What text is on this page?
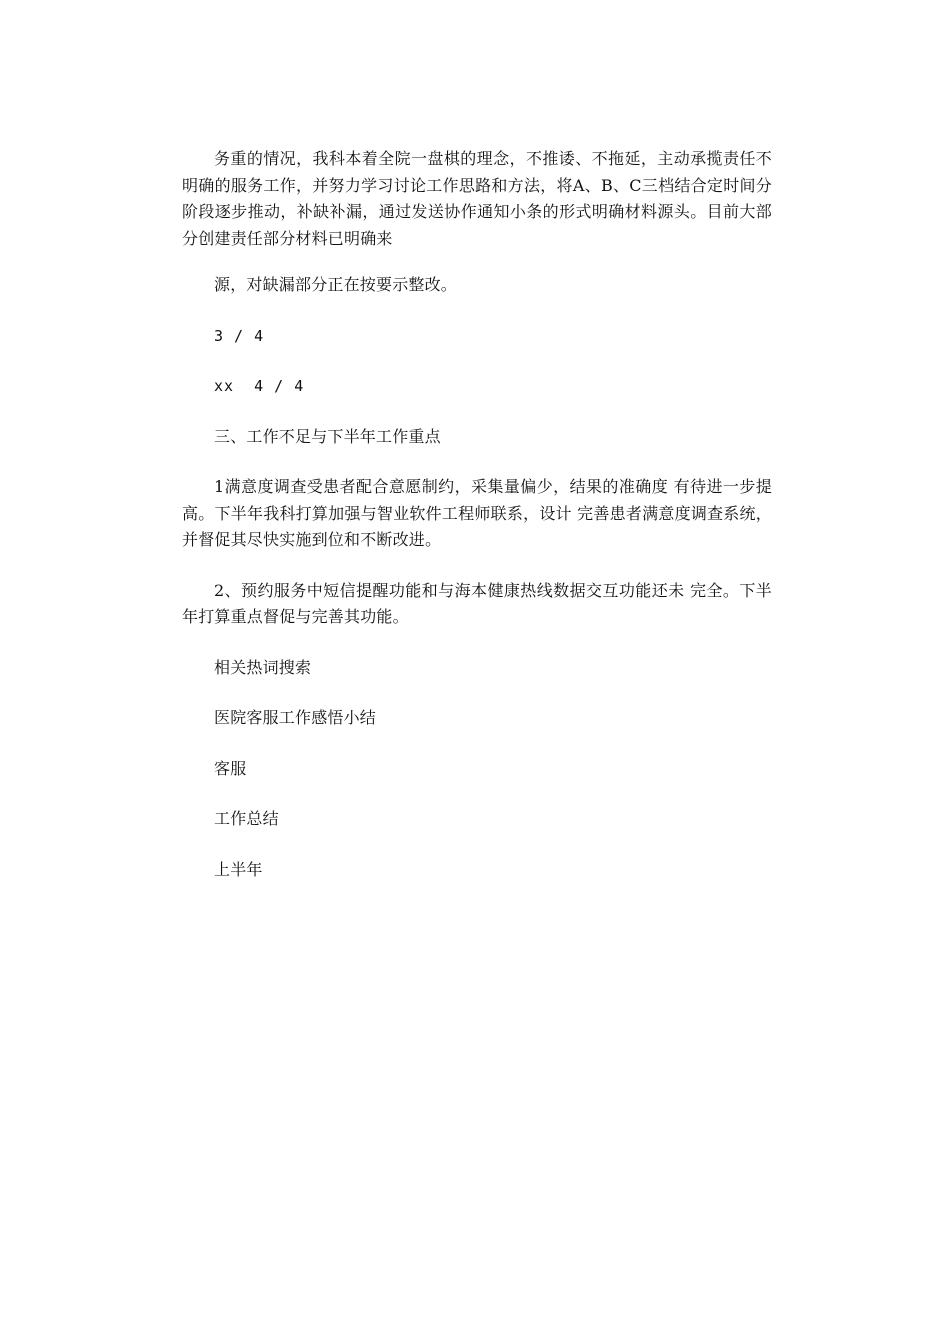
务重的情况，我科本着全院一盘棋的理念，不推诿、不拖延，主动承揽责任不明确的服务工作，并努力学习讨论工作思路和方法，将A、B、C三档结合定时间分阶段逐步推动，补缺补漏，通过发送协作通知小条的形式明确材料源头。目前大部分创建责任部分材料已明确来

源，对缺漏部分正在按要示整改。

3 / 4

xx  4 / 4

三、工作不足与下半年工作重点

1满意度调查受患者配合意愿制约，采集量偏少，结果的准确度 有待进一步提高。下半年我科打算加强与智业软件工程师联系，设计 完善患者满意度调查系统，并督促其尽快实施到位和不断改进。

2、预约服务中短信提醒功能和与海本健康热线数据交互功能还未 完全。下半年打算重点督促与完善其功能。

相关热词搜索

医院客服工作感悟小结

客服

工作总结

上半年
